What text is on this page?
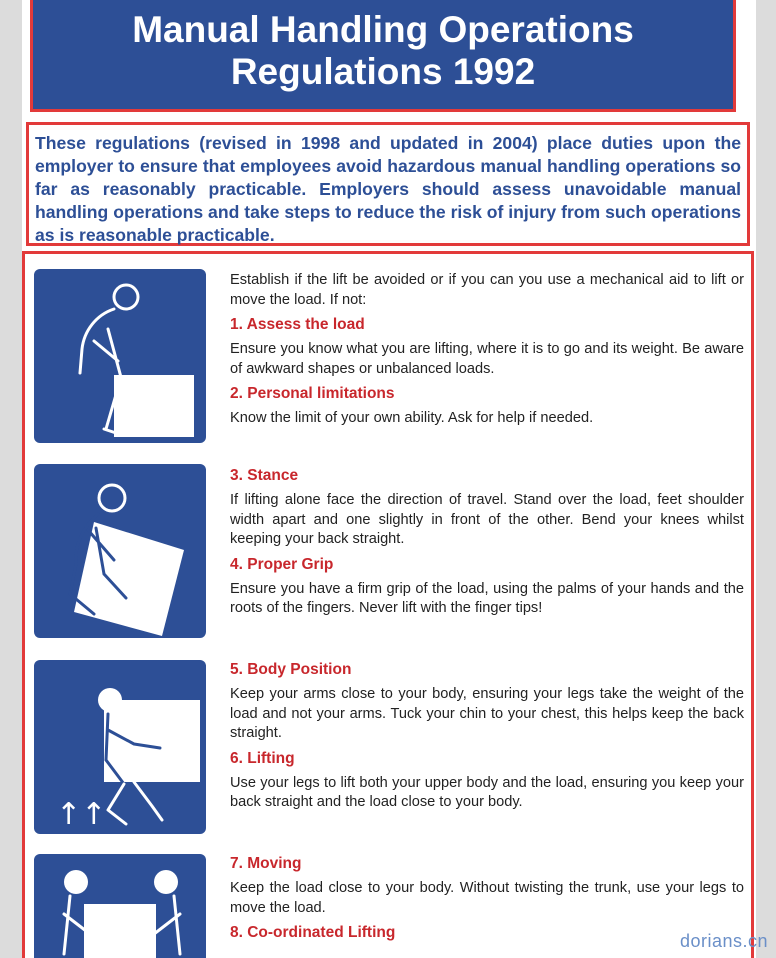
Manual Handling Operations
Regulations 1992
These regulations (revised in 1998 and updated in 2004) place duties upon the employer to ensure that employees avoid hazardous manual handling operations so far as reasonably practicable. Employers should assess unavoidable manual handling operations and take steps to reduce the risk of injury from such operations as is reasonable practicable.

Establish if the lift be avoided or if you can you use a mechanical aid to lift or move the load. If not:

1. Assess the load

Ensure you know what you are lifting, where it is to go and its weight. Be aware of awkward shapes or unbalanced loads.

2. Personal limitations

Know the limit of your own ability. Ask for help if needed.

3. Stance

If lifting alone face the direction of travel. Stand over the load, feet shoulder width apart and one slightly in front of the other. Bend your knees whilst keeping your back straight.

4. Proper Grip

Ensure you have a firm grip of the load, using the palms of your hands and the roots of the fingers. Never lift with the finger tips!

↑↑
5. Body Position

Keep your arms close to your body, ensuring your legs take the weight of the load and not your arms. Tuck your chin to your chest, this helps keep the back straight.

6. Lifting

Use your legs to lift both your upper body and the load, ensuring you keep your back straight and the load close to your body.

7. Moving

Keep the load close to your body. Without twisting the trunk, use your legs to move the load.

8. Co-ordinated Lifting	dorians.cn
